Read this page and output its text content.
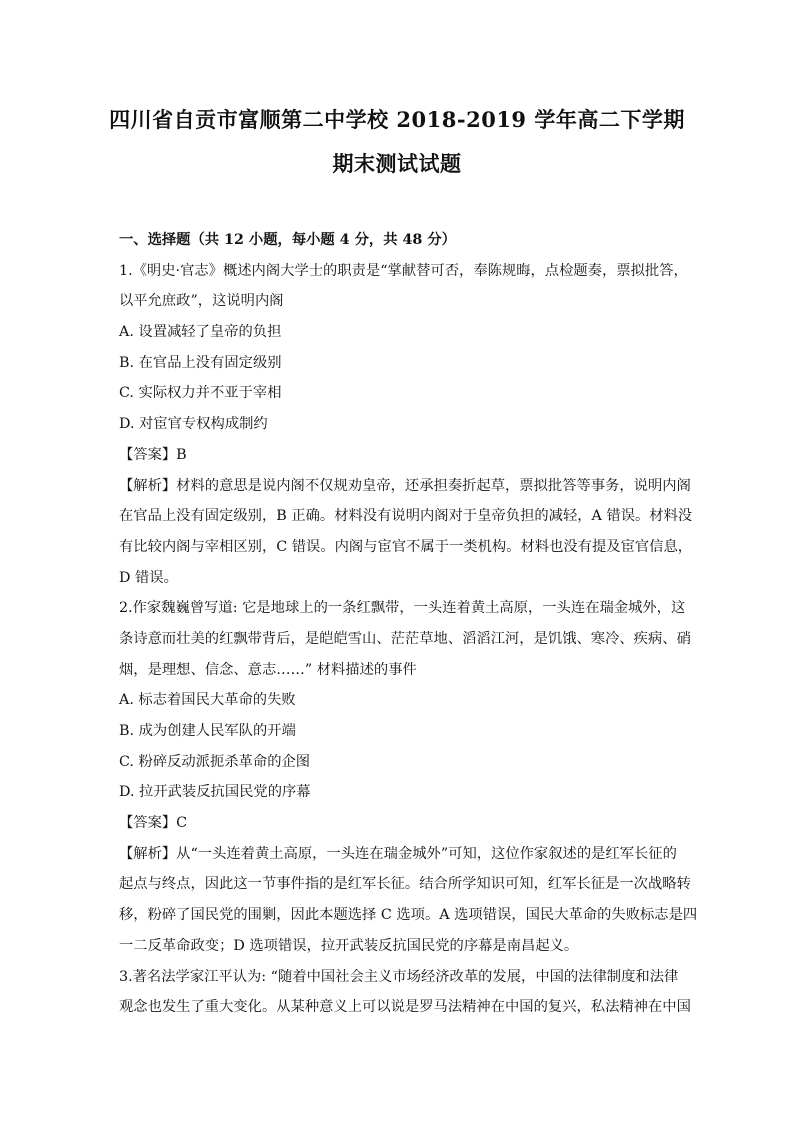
四川省自贡市富顺第二中学校 2018-2019 学年高二下学期
期末测试试题
一、选择题（共 12 小题，每小题 4 分，共 48 分）
1.《明史·官志》概述内阁大学士的职责是“掌献替可否，奉陈规晦，点检题奏，票拟批答，
以平允庶政”，这说明内阁
A. 设置减轻了皇帝的负担
B. 在官品上没有固定级别
C. 实际权力并不亚于宰相
D. 对宦官专权构成制约
【答案】B
【解析】材料的意思是说内阁不仅规劝皇帝，还承担奏折起草，票拟批答等事务，说明内阁
在官品上没有固定级别，B 正确。材料没有说明内阁对于皇帝负担的减轻，A 错误。材料没
有比较内阁与宰相区别，C 错误。内阁与宦官不属于一类机构。材料也没有提及宦官信息，
D 错误。
2.作家魏巍曾写道: 它是地球上的一条红飘带，一头连着黄土高原，一头连在瑞金城外，这
条诗意而壮美的红飘带背后，是皑皑雪山、茫茫草地、滔滔江河，是饥饿、寒冷、疾病、硝
烟，是理想、信念、意志……” 材料描述的事件
A. 标志着国民大革命的失败
B. 成为创建人民军队的开端
C. 粉碎反动派扼杀革命的企图
D. 拉开武装反抗国民党的序幕
【答案】C
【解析】从“一头连着黄土高原，一头连在瑞金城外”可知，这位作家叙述的是红军长征的
起点与终点，因此这一节事件指的是红军长征。结合所学知识可知，红军长征是一次战略转
移，粉碎了国民党的围剿，因此本题选择 C 选项。A 选项错误，国民大革命的失败标志是四
一二反革命政变；D 选项错误，拉开武装反抗国民党的序幕是南昌起义。
3.著名法学家江平认为: “随着中国社会主义市场经济改革的发展，中国的法律制度和法律
观念也发生了重大变化。从某种意义上可以说是罗马法精神在中国的复兴，私法精神在中国
